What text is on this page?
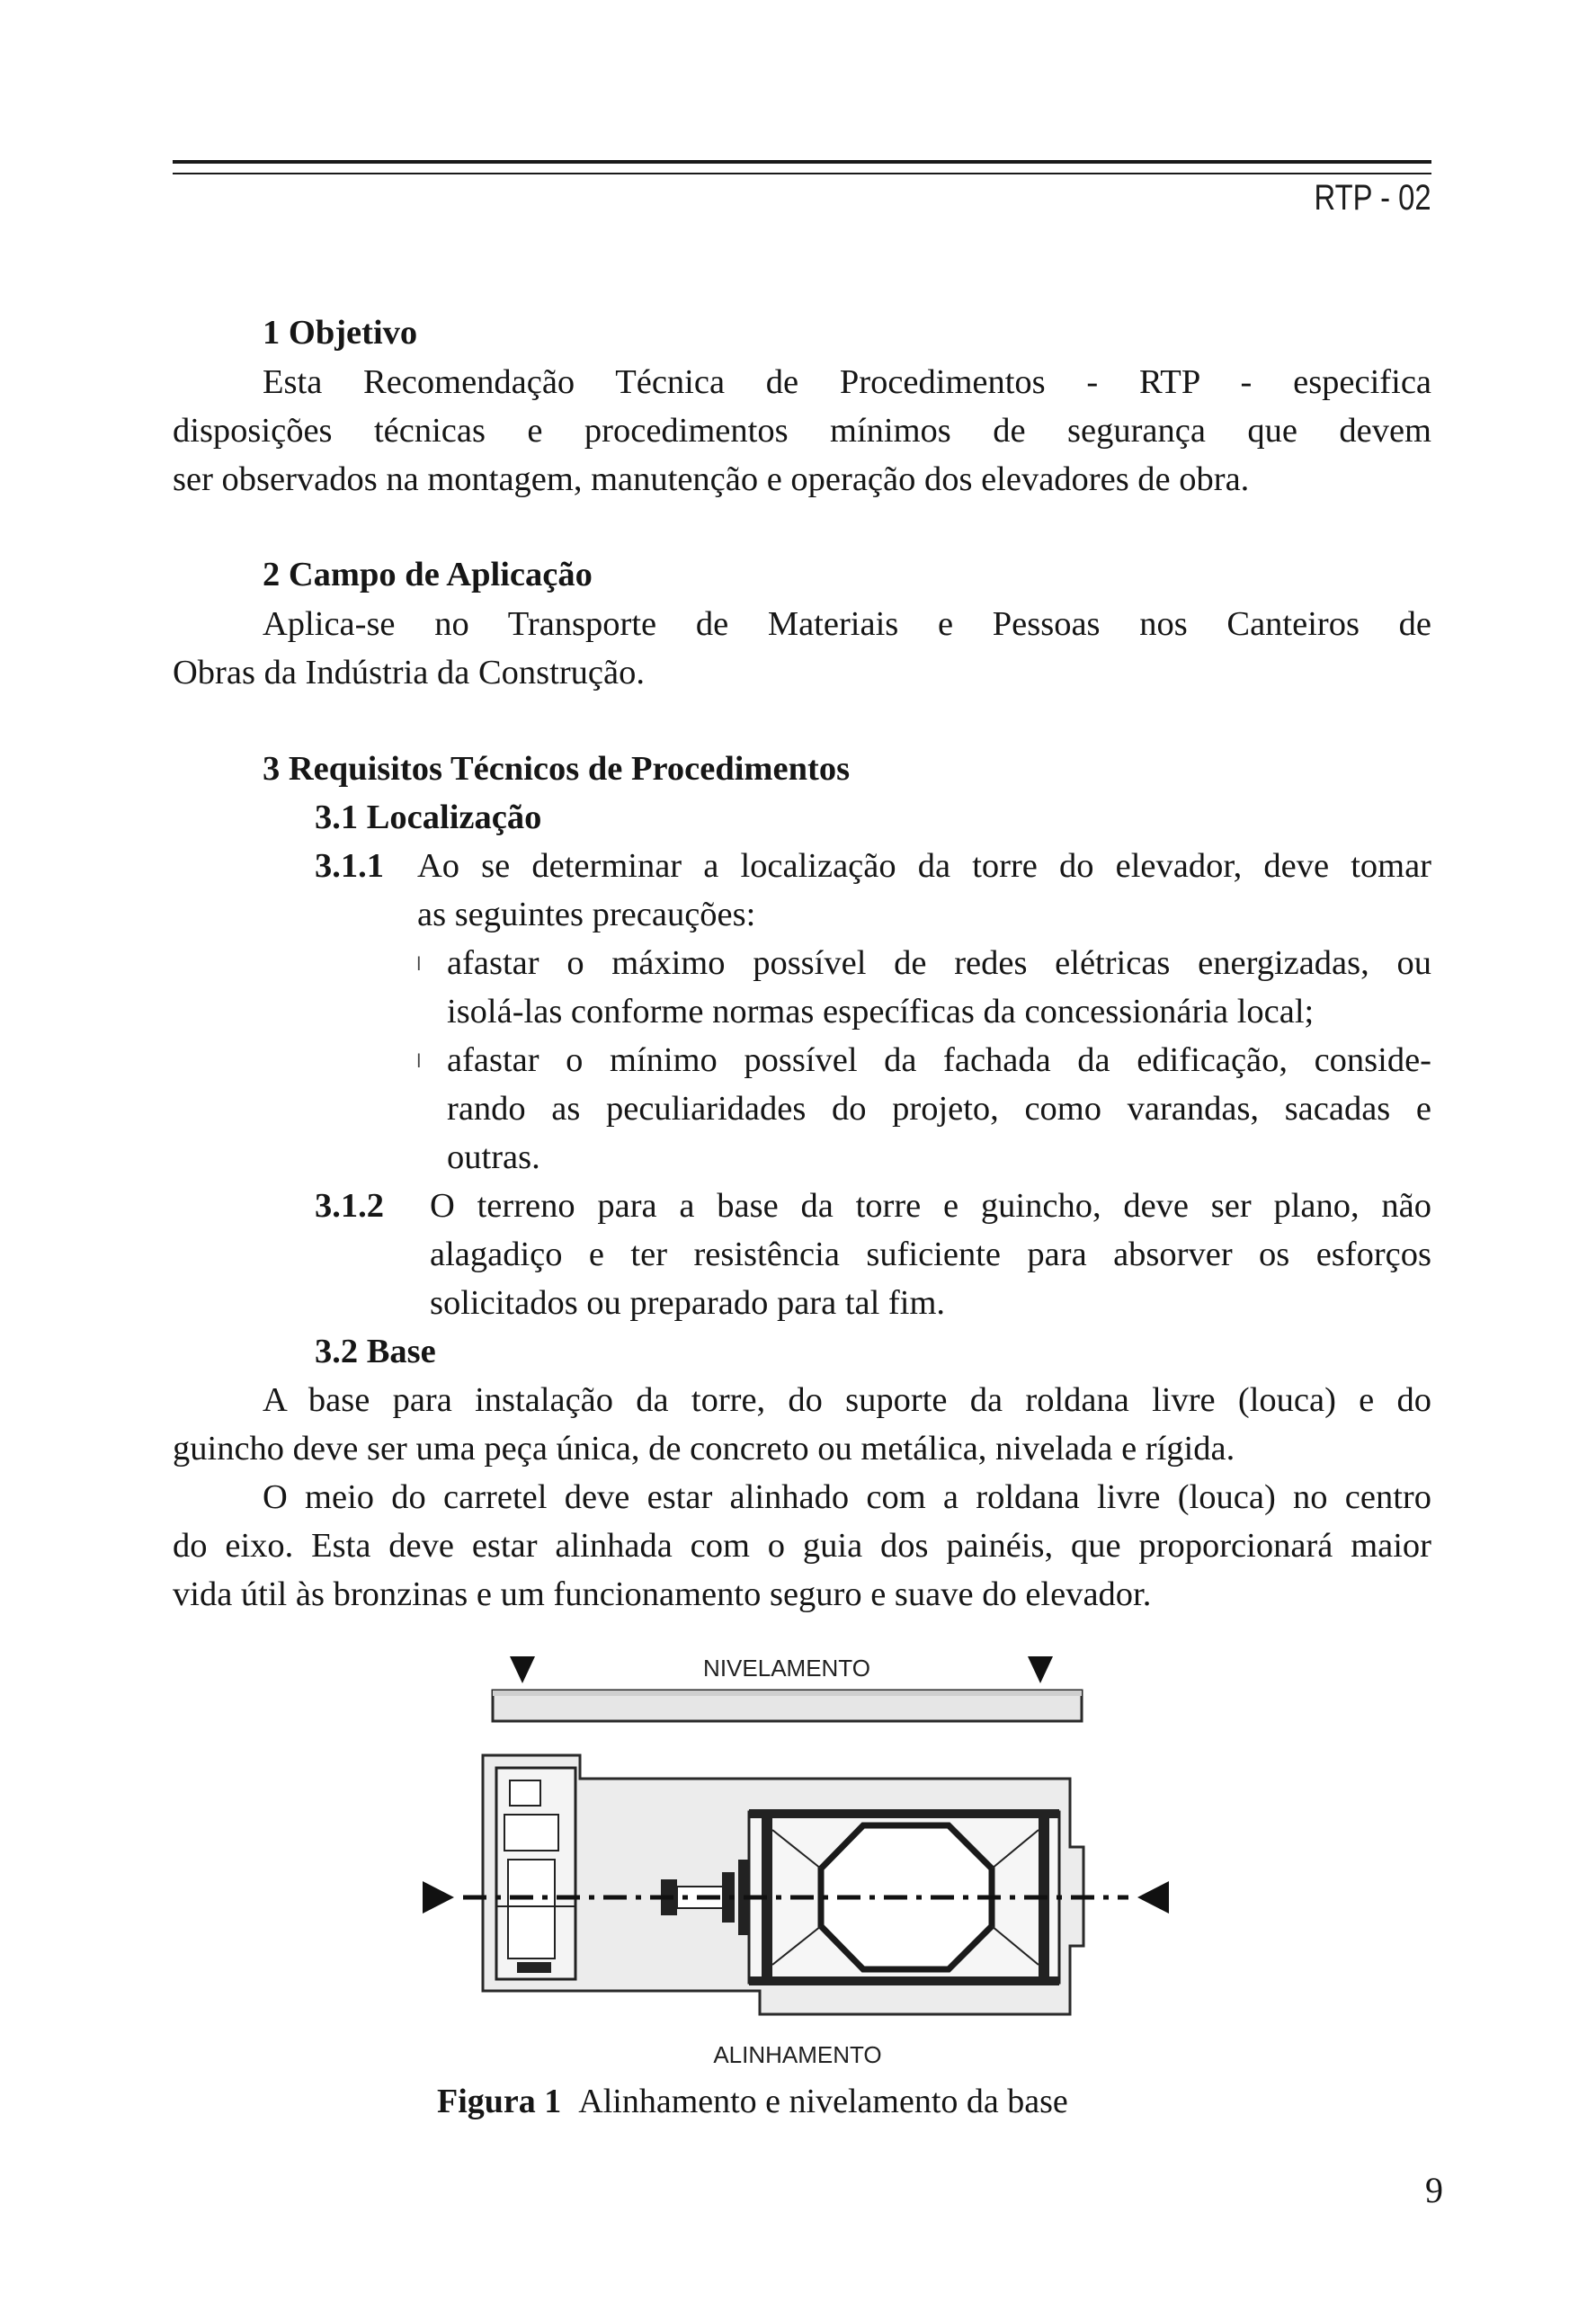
RTP - 02
1 Objetivo
Esta Recomendação Técnica de Procedimentos - RTP - especifica
disposições técnicas e procedimentos mínimos de segurança que devem
ser observados na montagem, manutenção e operação dos elevadores de obra.
2 Campo de Aplicação
Aplica-se no Transporte de Materiais e Pessoas nos Canteiros de
Obras da Indústria da Construção.
3 Requisitos Técnicos de Procedimentos
3.1 Localização
3.1.1 Ao se determinar a localização da torre do elevador, deve tomar
as seguintes precauções:
l afastar o máximo possível de redes elétricas energizadas, ou
isolá-las conforme normas específicas da concessionária local;
l afastar o mínimo possível da fachada da edificação, conside-
rando as peculiaridades do projeto, como varandas, sacadas e
outras.
3.1.2 O terreno para a base da torre e guincho, deve ser plano, não
alagadiço e ter resistência suficiente para absorver os esforços
solicitados ou preparado para tal fim.
3.2 Base
A base para instalação da torre, do suporte da roldana livre (louca) e do
guincho deve ser uma peça única, de concreto ou metálica, nivelada e rígida.
O meio do carretel deve estar alinhado com a roldana livre (louca) no centro
do eixo. Esta deve estar alinhada com o guia dos painéis, que proporcionará maior
vida útil às bronzinas e um funcionamento seguro e suave do elevador.
NIVELAMENTO
ALINHAMENTO
Figura 1 Alinhamento e nivelamento da base
9
